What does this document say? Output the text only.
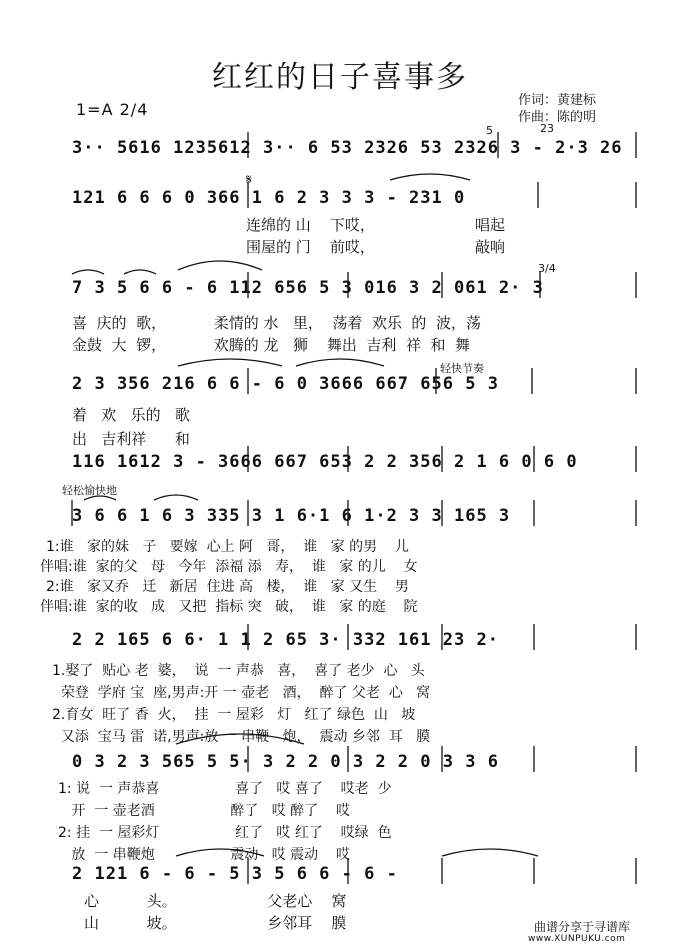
红红的日子喜事多
1=A 2/4	作词：黄建标
作曲：陈的明
3·· 5616 1235612 3·· 6 53 2326 53 2326 3 - 2·3 26
5	23
121 6 6 6 0 366 1 6 2 3 3 3 - 231 0
𝄋
连绵的 山    下哎，                     唱起
围屋的 门    前哎，                     敲响
7 3 5 6 6 - 6 112 656 5 3 016 3 2 061 2· 3
3/4
喜  庆的  歌，          柔情的 水   里，  荡着  欢乐  的  波，荡
金鼓  大  锣，          欢腾的 龙   狮    舞出  吉利  祥  和  舞
2 3 356 216 6 6 - 6 0 3666 667 656 5 3
轻快节奏
着   欢   乐的   歌
出   吉利祥      和
116 1612 3 - 3666 667 653 2 2 356 2 1 6 0 6 0
轻松愉快地
3 6 6 1 6 3 335 3 1 6·1 6 1·2 3 3 165 3
1:谁   家的妹   子   要嫁  心上 阿   哥，  谁   家 的男    儿
伴唱:谁  家的父   母   今年  添福 添   寿，  谁   家 的儿    女
2:谁   家又乔   迁   新居  住进 高   楼，  谁   家 又生    男
伴唱:谁  家的收   成   又把  指标 突   破，  谁   家 的庭    院
2 2 165 6 6· 1 1 2 65 3· 332 161 23 2·
1.娶了  贴心 老  婆，  说  一 声恭   喜，  喜了 老少  心   头
荣登  学府 宝  座,男声:开 一 壶老   酒，  醉了 父老  心   窝
2.育女  旺了 香  火，  挂  一 屋彩   灯   红了 绿色  山   坡
又添  宝马 雷  诺,男声:放 一 串鞭   炮，  震动 乡邻  耳   膜
0 3 2 3 565 5 5· 3 2 2 0 3 2 2 0 3 3 6
1: 说  一 声恭喜                 喜了   哎 喜了    哎老  少
开  一 壶老酒                 醉了   哎 醉了    哎
2: 挂  一 屋彩灯                 红了   哎 红了    哎绿  色
放  一 串鞭炮                 震动   哎 震动    哎
2 121 6 - 6 - 5 3 5 6 6 - 6 -
心          头。                   父老心    窝
山          坡。                   乡邻耳    膜	曲谱分享于寻谱库
www.XUNPUKU.com
